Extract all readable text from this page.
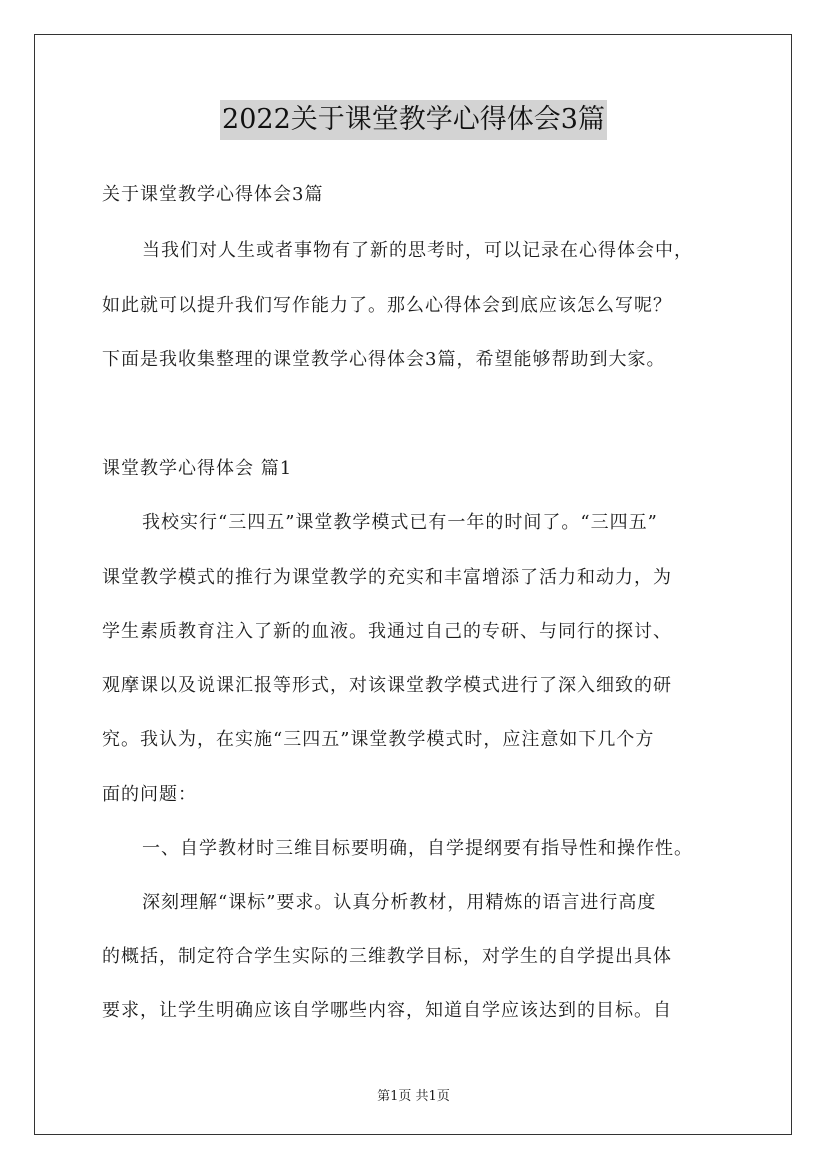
2022关于课堂教学心得体会3篇
关于课堂教学心得体会3篇
当我们对人生或者事物有了新的思考时，可以记录在心得体会中，
如此就可以提升我们写作能力了。那么心得体会到底应该怎么写呢？
下面是我收集整理的课堂教学心得体会3篇，希望能够帮助到大家。
课堂教学心得体会 篇1
我校实行“三四五”课堂教学模式已有一年的时间了。“三四五”
课堂教学模式的推行为课堂教学的充实和丰富增添了活力和动力，为
学生素质教育注入了新的血液。我通过自己的专研、与同行的探讨、
观摩课以及说课汇报等形式，对该课堂教学模式进行了深入细致的研
究。我认为，在实施“三四五”课堂教学模式时，应注意如下几个方
面的问题：
一、自学教材时三维目标要明确，自学提纲要有指导性和操作性。
深刻理解“课标”要求。认真分析教材，用精炼的语言进行高度
的概括，制定符合学生实际的三维教学目标，对学生的自学提出具体
要求，让学生明确应该自学哪些内容，知道自学应该达到的目标。自
第1页 共1页
